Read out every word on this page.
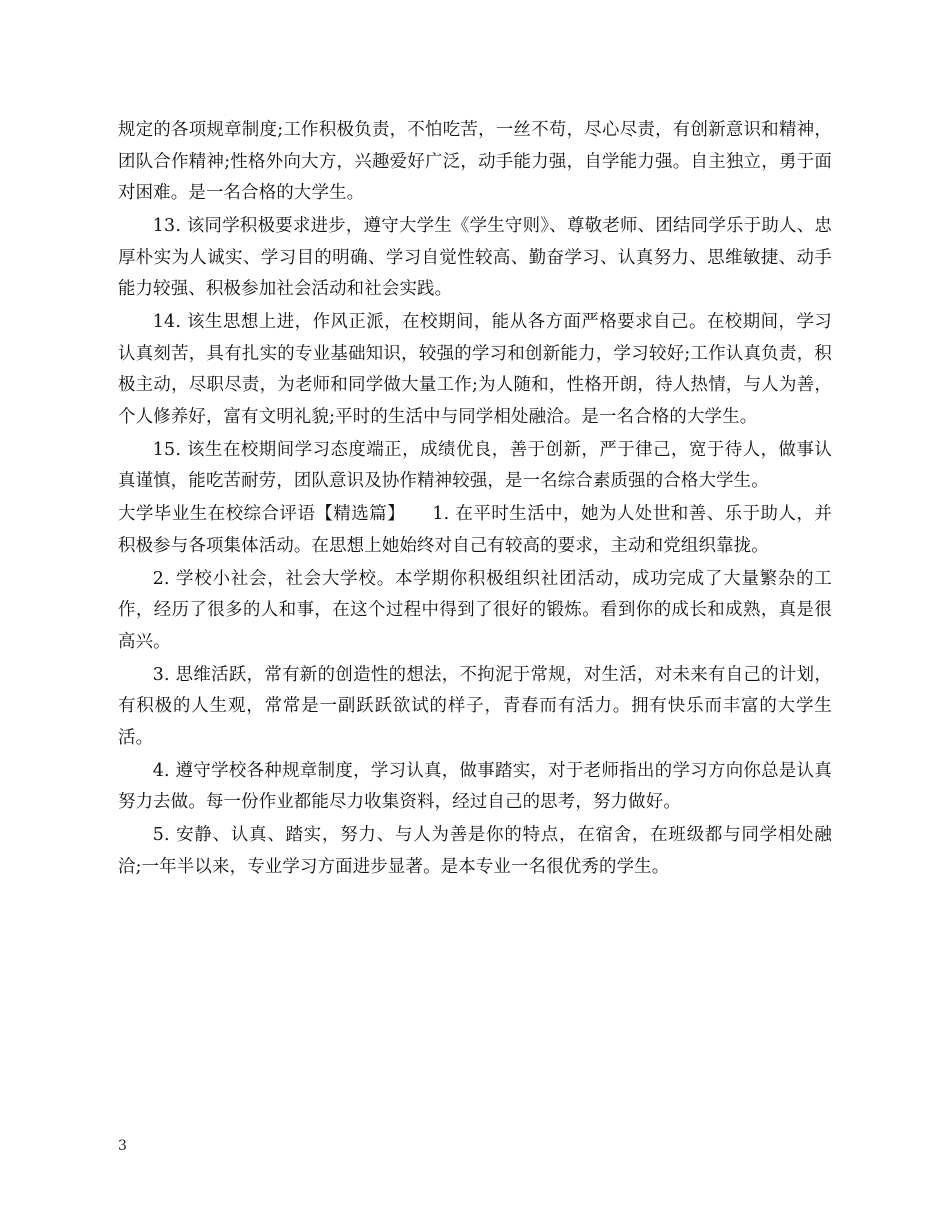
规定的各项规章制度;工作积极负责，不怕吃苦，一丝不苟，尽心尽责，有创新意识和精神，团队合作精神;性格外向大方，兴趣爱好广泛，动手能力强，自学能力强。自主独立，勇于面对困难。是一名合格的大学生。

13. 该同学积极要求进步，遵守大学生《学生守则》、尊敬老师、团结同学乐于助人、忠厚朴实为人诚实、学习目的明确、学习自觉性较高、勤奋学习、认真努力、思维敏捷、动手能力较强、积极参加社会活动和社会实践。

14. 该生思想上进，作风正派，在校期间，能从各方面严格要求自己。在校期间，学习认真刻苦，具有扎实的专业基础知识，较强的学习和创新能力，学习较好;工作认真负责，积极主动，尽职尽责，为老师和同学做大量工作;为人随和，性格开朗，待人热情，与人为善，个人修养好，富有文明礼貌;平时的生活中与同学相处融洽。是一名合格的大学生。

15. 该生在校期间学习态度端正，成绩优良，善于创新，严于律己，宽于待人，做事认真谨慎，能吃苦耐劳，团队意识及协作精神较强，是一名综合素质强的合格大学生。

大学毕业生在校综合评语【精选篇】　　1. 在平时生活中，她为人处世和善、乐于助人，并积极参与各项集体活动。在思想上她始终对自己有较高的要求，主动和党组织靠拢。

2. 学校小社会，社会大学校。本学期你积极组织社团活动，成功完成了大量繁杂的工作，经历了很多的人和事，在这个过程中得到了很好的锻炼。看到你的成长和成熟，真是很高兴。

3. 思维活跃，常有新的创造性的想法，不拘泥于常规，对生活，对未来有自己的计划，有积极的人生观，常常是一副跃跃欲试的样子，青春而有活力。拥有快乐而丰富的大学生活。

4. 遵守学校各种规章制度，学习认真，做事踏实，对于老师指出的学习方向你总是认真努力去做。每一份作业都能尽力收集资料，经过自己的思考，努力做好。

5. 安静、认真、踏实，努力、与人为善是你的特点，在宿舍，在班级都与同学相处融洽;一年半以来，专业学习方面进步显著。是本专业一名很优秀的学生。

3
